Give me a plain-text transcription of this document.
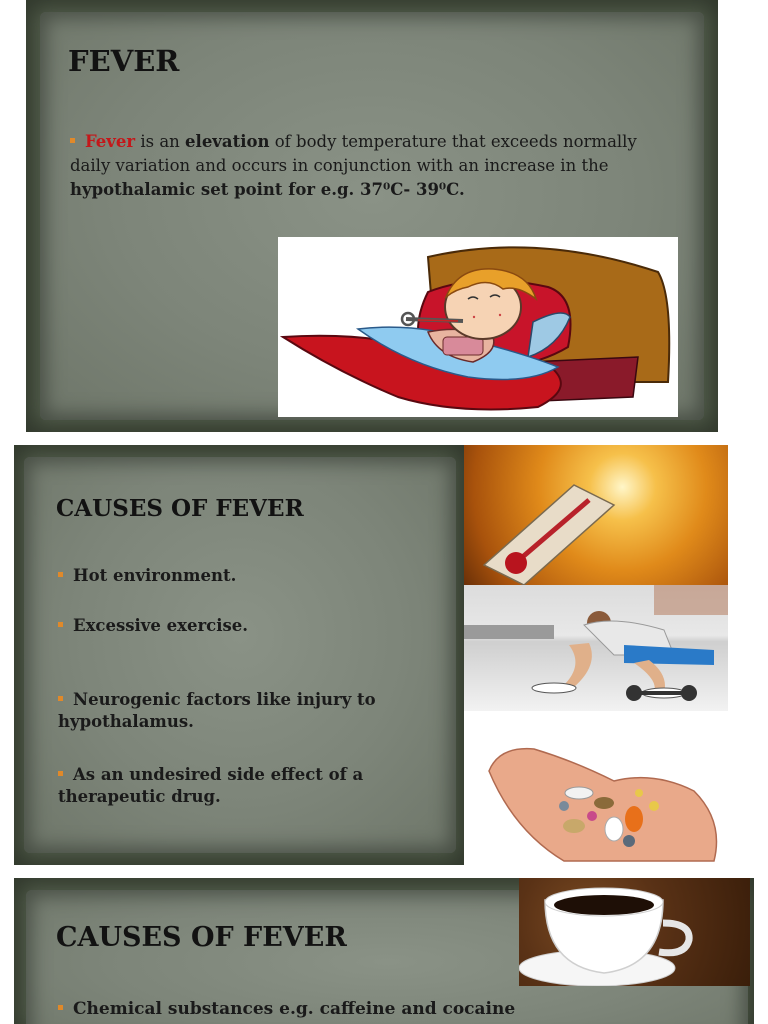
FEVER
Fever is an elevation of body temperature that exceeds normally daily variation and occurs in conjunction with an increase in the hypothalamic set point for e.g. 37⁰C- 39⁰C.
CAUSES OF FEVER
Hot environment.
Excessive exercise.
Neurogenic factors like injury to hypothalamus.
As an undesired side effect of a therapeutic drug.
CAUSES OF FEVER
Chemical substances e.g. caffeine and cocaine
